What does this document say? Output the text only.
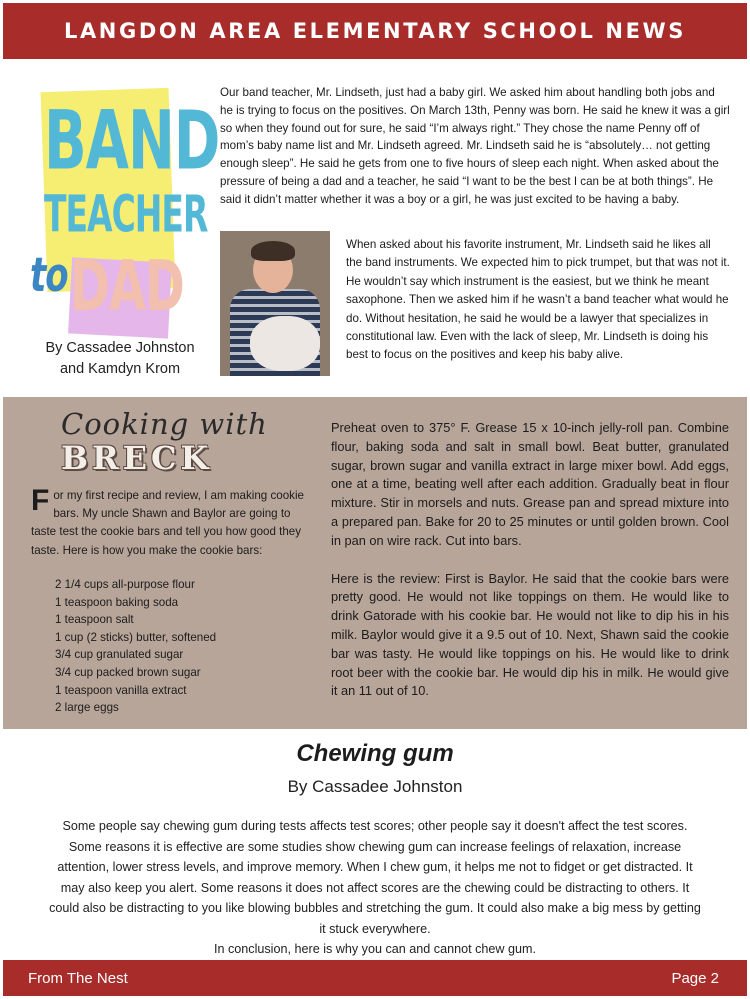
LANGDON AREA ELEMENTARY SCHOOL NEWS
BAND
TEACHER
DAD
to
By Cassadee Johnston
and Kamdyn Krom

Our band teacher, Mr. Lindseth, just had a baby girl. We asked him about handling both jobs and he is trying to focus on the positives. On March 13th, Penny was born. He said he knew it was a girl so when they found out for sure, he said “I’m always right.” They chose the name Penny off of mom’s baby name list and Mr. Lindseth agreed. Mr. Lindseth said he is “absolutely… not getting enough sleep”. He said he gets from one to five hours of sleep each night. When asked about the pressure of being a dad and a teacher, he said “I want to be the best I can be at both things”. He said it didn’t matter whether it was a boy or a girl, he was just excited to be having a baby.

When asked about his favorite instrument, Mr. Lindseth said he likes all the band instruments. We expected him to pick trumpet, but that was not it. He wouldn’t say which instrument is the easiest, but we think he meant saxophone. Then we asked him if he wasn’t a band teacher what would he do. Without hesitation, he said he would be a lawyer that specializes in constitutional law. Even with the lack of sleep, Mr. Lindseth is doing his best to focus on the positives and keep his baby alive.

Cooking with
BRECK
F or my first recipe and review, I am making cookie bars. My uncle Shawn and Baylor are going to taste test the cookie bars and tell you how good they taste. Here is how you make the cookie bars:
2 1/4 cups all-purpose flour
1 teaspoon baking soda
1 teaspoon salt
1 cup (2 sticks) butter, softened
3/4 cup granulated sugar
3/4 cup packed brown sugar
1 teaspoon vanilla extract
2 large eggs

Preheat oven to 375° F. Grease 15 x 10-inch jelly-roll pan. Combine flour, baking soda and salt in small bowl. Beat butter, granulated sugar, brown sugar and vanilla extract in large mixer bowl. Add eggs, one at a time, beating well after each addition. Gradually beat in flour mixture. Stir in morsels and nuts. Grease pan and spread mixture into a prepared pan. Bake for 20 to 25 minutes or until golden brown. Cool in pan on wire rack. Cut into bars.

Here is the review: First is Baylor. He said that the cookie bars were pretty good. He would not like toppings on them. He would like to drink Gatorade with his cookie bar. He would not like to dip his in his milk. Baylor would give it a 9.5 out of 10. Next, Shawn said the cookie bar was tasty. He would like toppings on his. He would like to drink root beer with the cookie bar. He would dip his in milk. He would give it an 11 out of 10.

Chewing gum
By Cassadee Johnston

Some people say chewing gum during tests affects test scores; other people say it doesn't affect the test scores. Some reasons it is effective are some studies show chewing gum can increase feelings of relaxation, increase attention, lower stress levels, and improve memory. When I chew gum, it helps me not to fidget or get distracted. It may also keep you alert. Some reasons it does not affect scores are the chewing could be distracting to others. It could also be distracting to you like blowing bubbles and stretching the gum. It could also make a big mess by getting it stuck everywhere.

In conclusion, here is why you can and cannot chew gum.

From The Nest	Page 2
